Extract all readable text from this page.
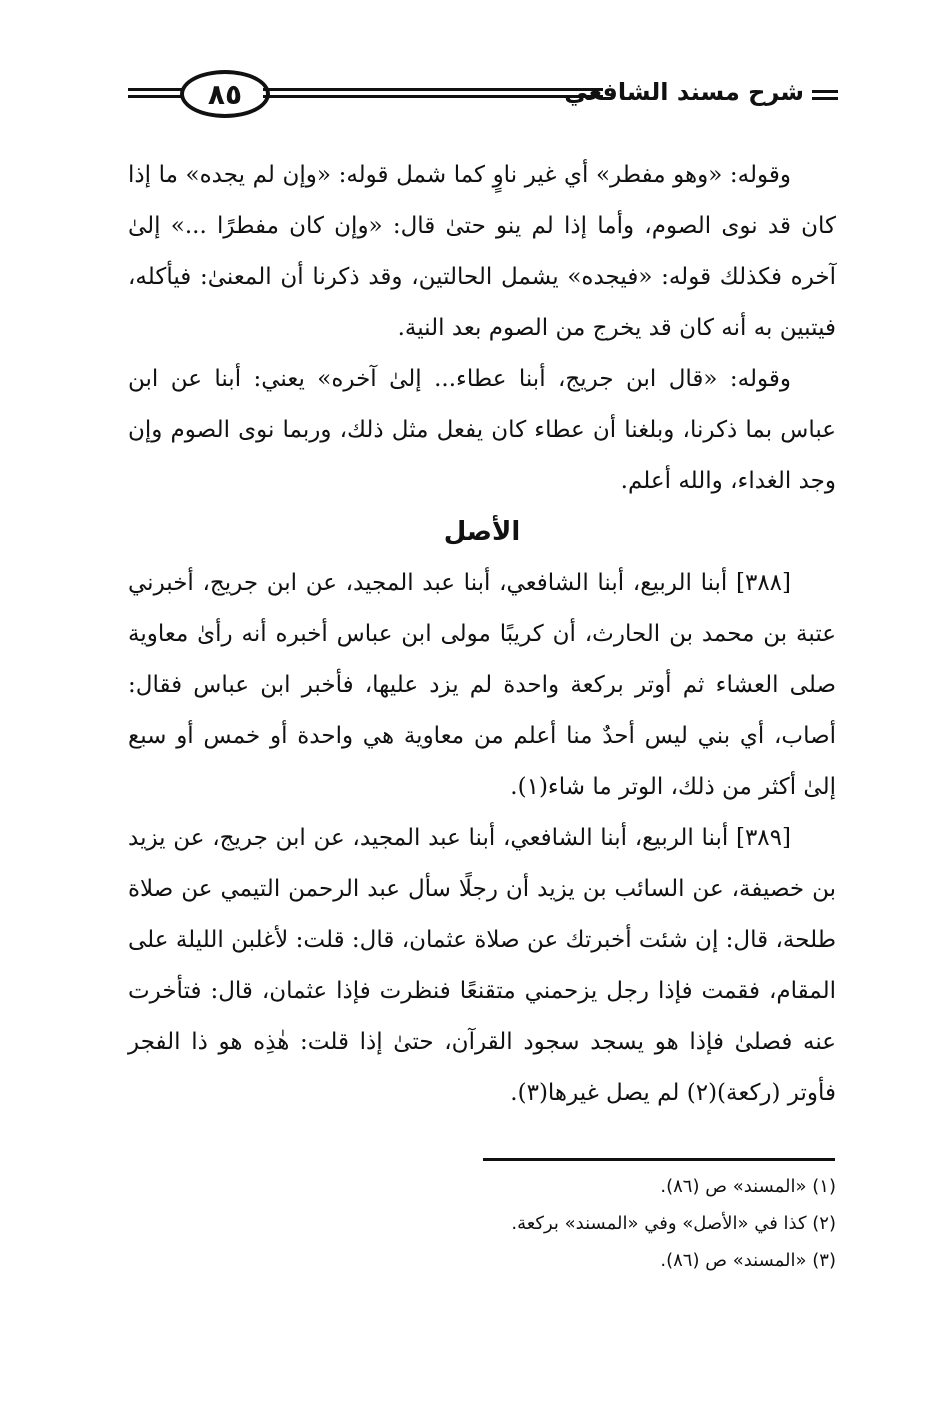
٨٥	شرح مسند الشافعي

وقوله: «وهو مفطر» أي غير ناوٍ كما شمل قوله: «وإن لم يجده» ما إذا كان قد نوى الصوم، وأما إذا لم ينو حتىٰ قال: «وإن كان مفطرًا ...» إلىٰ آخره فكذلك قوله: «فيجده» يشمل الحالتين، وقد ذكرنا أن المعنىٰ: فيأكله، فيتبين به أنه كان قد يخرج من الصوم بعد النية.

وقوله: «قال ابن جريج، أبنا عطاء... إلىٰ آخره» يعني: أبنا عن ابن عباس بما ذكرنا، وبلغنا أن عطاء كان يفعل مثل ذلك، وربما نوى الصوم وإن وجد الغداء، والله أعلم.

الأصل

[٣٨٨] أبنا الربيع، أبنا الشافعي، أبنا عبد المجيد، عن ابن جريج، أخبرني عتبة بن محمد بن الحارث، أن كريبًا مولى ابن عباس أخبره أنه رأىٰ معاوية صلى العشاء ثم أوتر بركعة واحدة لم يزد عليها، فأخبر ابن عباس فقال: أصاب، أي بني ليس أحدٌ منا أعلم من معاوية هي واحدة أو خمس أو سبع إلىٰ أكثر من ذلك، الوتر ما شاء(١).

[٣٨٩] أبنا الربيع، أبنا الشافعي، أبنا عبد المجيد، عن ابن جريج، عن يزيد بن خصيفة، عن السائب بن يزيد أن رجلًا سأل عبد الرحمن التيمي عن صلاة طلحة، قال: إن شئت أخبرتك عن صلاة عثمان، قال: قلت: لأغلبن الليلة على المقام، فقمت فإذا رجل يزحمني متقنعًا فنظرت فإذا عثمان، قال: فتأخرت عنه فصلىٰ فإذا هو يسجد سجود القرآن، حتىٰ إذا قلت: هٰذِه هو ذا الفجر فأوتر (ركعة)(٢) لم يصل غيرها(٣).

(١) «المسند» ص (٨٦).
(٢) كذا في «الأصل» وفي «المسند» بركعة.
(٣) «المسند» ص (٨٦).
